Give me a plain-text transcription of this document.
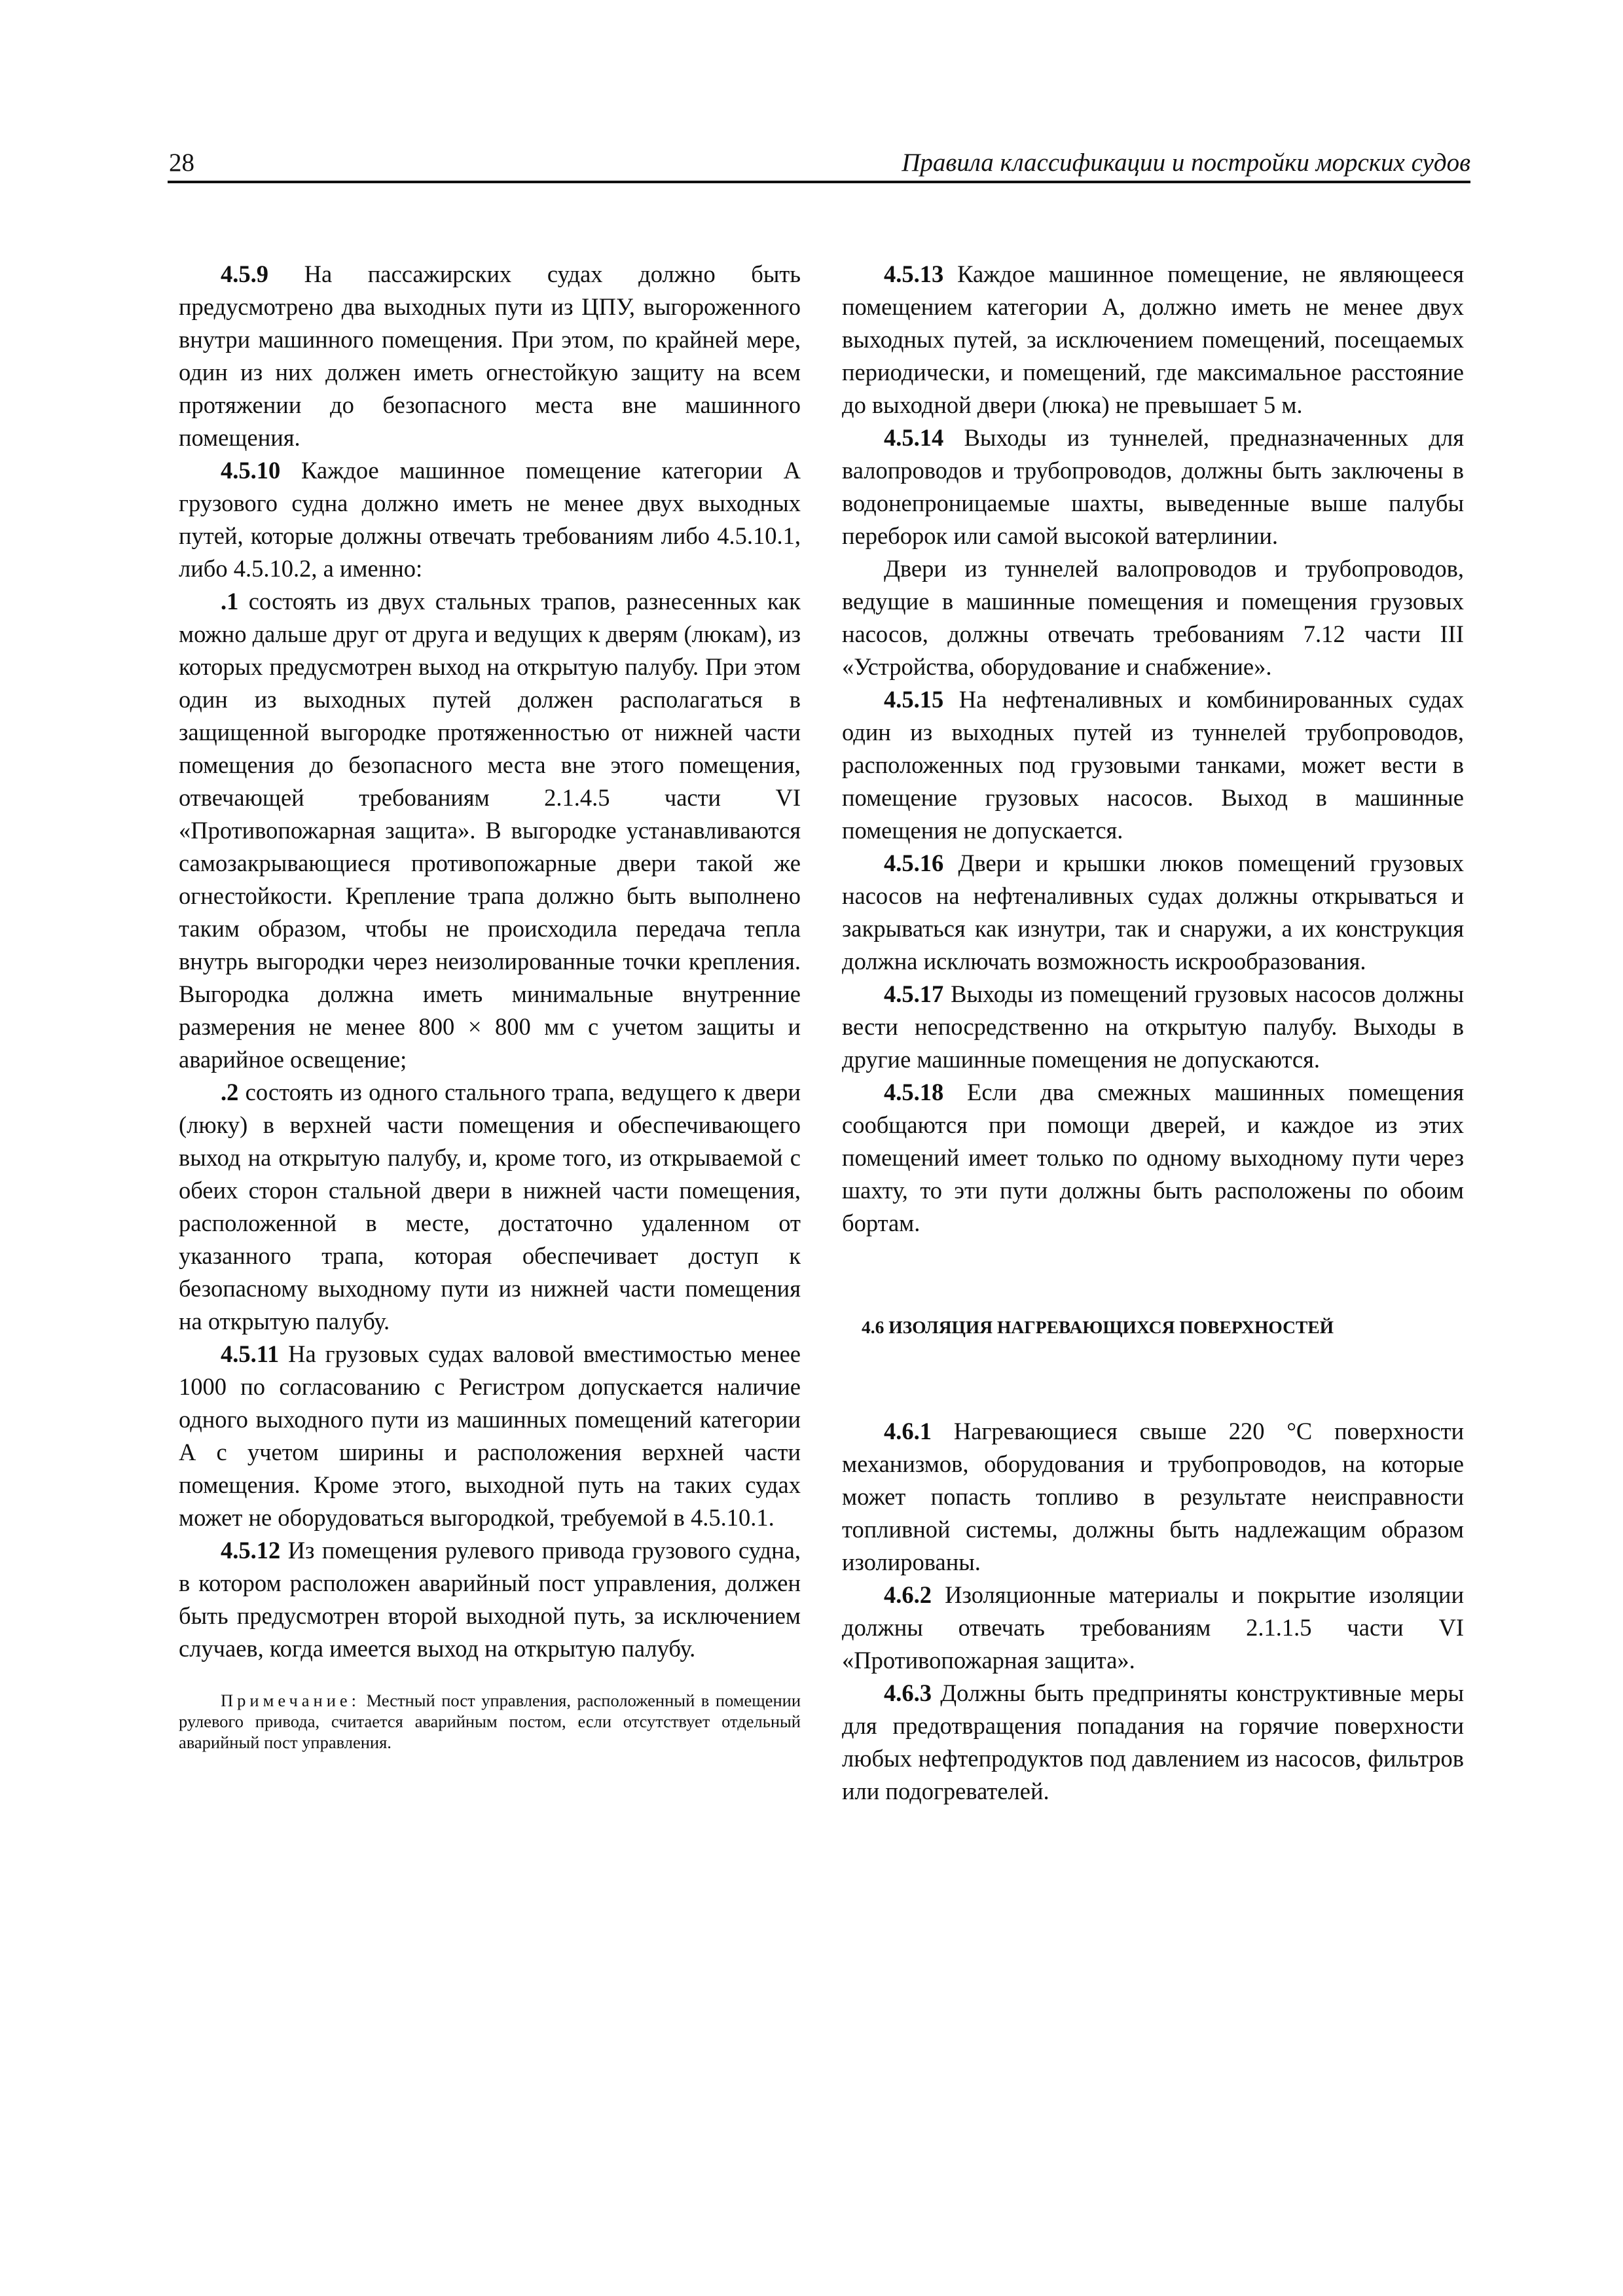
28	Правила классификации и постройки морских судов

4.5.9 На пассажирских судах должно быть предусмотрено два выходных пути из ЦПУ, выгороженного внутри машинного помещения. При этом, по крайней мере, один из них должен иметь огнестойкую защиту на всем протяжении до безопасного места вне машинного помещения.

4.5.10 Каждое машинное помещение категории А грузового судна должно иметь не менее двух выходных путей, которые должны отвечать требованиям либо 4.5.10.1, либо 4.5.10.2, а именно:

.1 состоять из двух стальных трапов, разнесенных как можно дальше друг от друга и ведущих к дверям (люкам), из которых предусмотрен выход на открытую палубу. При этом один из выходных путей должен располагаться в защищенной выгородке протяженностью от нижней части помещения до безопасного места вне этого помещения, отвечающей требованиям 2.1.4.5 части VI «Противопожарная защита». В выгородке устанавливаются самозакрывающиеся противопожарные двери такой же огнестойкости. Крепление трапа должно быть выполнено таким образом, чтобы не происходила передача тепла внутрь выгородки через неизолированные точки крепления. Выгородка должна иметь минимальные внутренние размерения не менее 800 × 800 мм с учетом защиты и аварийное освещение;

.2 состоять из одного стального трапа, ведущего к двери (люку) в верхней части помещения и обеспечивающего выход на открытую палубу, и, кроме того, из открываемой с обеих сторон стальной двери в нижней части помещения, расположенной в месте, достаточно удаленном от указанного трапа, которая обеспечивает доступ к безопасному выходному пути из нижней части помещения на открытую палубу.

4.5.11 На грузовых судах валовой вместимостью менее 1000 по согласованию с Регистром допускается наличие одного выходного пути из машинных помещений категории А с учетом ширины и расположения верхней части помещения. Кроме этого, выходной путь на таких судах может не оборудоваться выгородкой, требуемой в 4.5.10.1.

4.5.12 Из помещения рулевого привода грузового судна, в котором расположен аварийный пост управления, должен быть предусмотрен второй выходной путь, за исключением случаев, когда имеется выход на открытую палубу.

Примечание: Местный пост управления, расположенный в помещении рулевого привода, считается аварийным постом, если отсутствует отдельный аварийный пост управления.

4.5.13 Каждое машинное помещение, не являющееся помещением категории А, должно иметь не менее двух выходных путей, за исключением помещений, посещаемых периодически, и помещений, где максимальное расстояние до выходной двери (люка) не превышает 5 м.

4.5.14 Выходы из туннелей, предназначенных для валопроводов и трубопроводов, должны быть заключены в водонепроницаемые шахты, выведенные выше палубы переборок или самой высокой ватерлинии.

Двери из туннелей валопроводов и трубопроводов, ведущие в машинные помещения и помещения грузовых насосов, должны отвечать требованиям 7.12 части III «Устройства, оборудование и снабжение».

4.5.15 На нефтеналивных и комбинированных судах один из выходных путей из туннелей трубопроводов, расположенных под грузовыми танками, может вести в помещение грузовых насосов. Выход в машинные помещения не допускается.

4.5.16 Двери и крышки люков помещений грузовых насосов на нефтеналивных судах должны открываться и закрываться как изнутри, так и снаружи, а их конструкция должна исключать возможность искрообразования.

4.5.17 Выходы из помещений грузовых насосов должны вести непосредственно на открытую палубу. Выходы в другие машинные помещения не допускаются.

4.5.18 Если два смежных машинных помещения сообщаются при помощи дверей, и каждое из этих помещений имеет только по одному выходному пути через шахту, то эти пути должны быть расположены по обоим бортам.

4.6 ИЗОЛЯЦИЯ НАГРЕВАЮЩИХСЯ ПОВЕРХНОСТЕЙ

4.6.1 Нагревающиеся свыше 220 °С поверхности механизмов, оборудования и трубопроводов, на которые может попасть топливо в результате неисправности топливной системы, должны быть надлежащим образом изолированы.

4.6.2 Изоляционные материалы и покрытие изоляции должны отвечать требованиям 2.1.1.5 части VI «Противопожарная защита».

4.6.3 Должны быть предприняты конструктивные меры для предотвращения попадания на горячие поверхности любых нефтепродуктов под давлением из насосов, фильтров или подогревателей.
